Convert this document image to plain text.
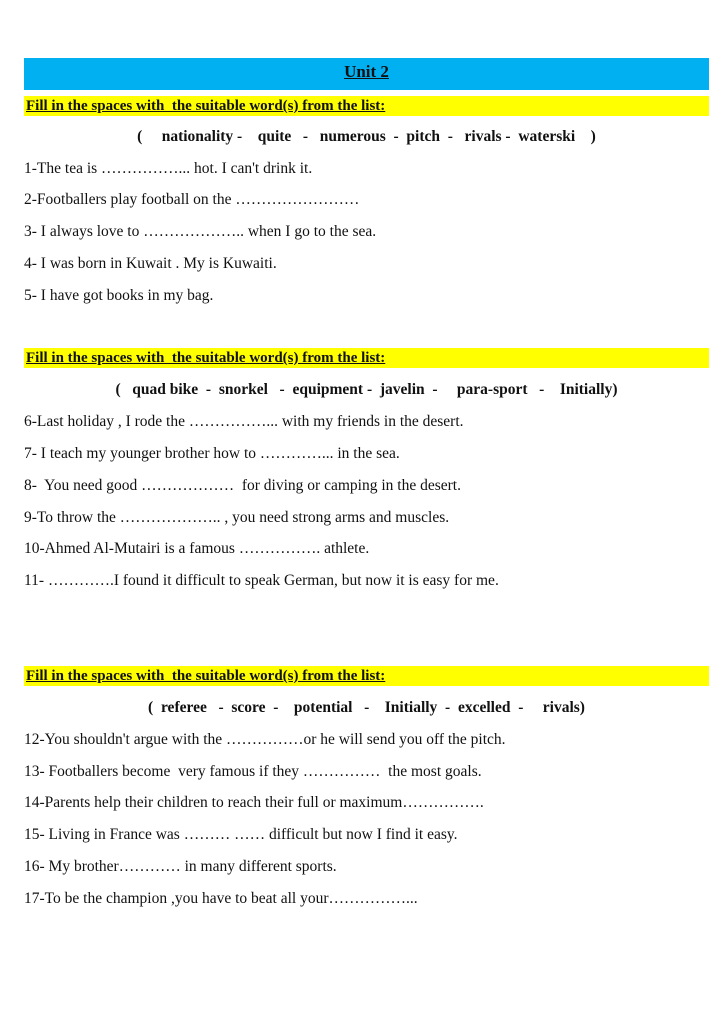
Unit 2
Fill in the spaces with  the suitable word(s) from the list:
(     nationality -    quite   -   numerous  -  pitch  -   rivals -  waterski    )
1-The tea is ……………... hot. I can't drink it.
2-Footballers play football on the ……………………
3- I always love to ……………….. when I go to the sea.
4- I was born in Kuwait . My is Kuwaiti.
5- I have got books in my bag.
Fill in the spaces with  the suitable word(s) from the list:
(   quad bike  -  snorkel   -  equipment -  javelin  -     para-sport   -    Initially)
6-Last holiday , I rode the ……………... with my friends in the desert.
7- I teach my younger brother how to …………... in the sea.
8-  You need good ………………  for diving or camping in the desert.
9-To throw the ……………….. , you need strong arms and muscles.
10-Ahmed Al-Mutairi is a famous ……………. athlete.
11- ………….I found it difficult to speak German, but now it is easy for me.
Fill in the spaces with  the suitable word(s) from the list:
(  referee   -  score  -    potential   -    Initially  -  excelled  -     rivals)
12-You shouldn't argue with the ……………or he will send you off the pitch.
13- Footballers become  very famous if they ……………  the most goals.
14-Parents help their children to reach their full or maximum…………….
15- Living in France was ……… …… difficult but now I find it easy.
16- My brother………… in many different sports.
17-To be the champion ,you have to beat all your……………...
